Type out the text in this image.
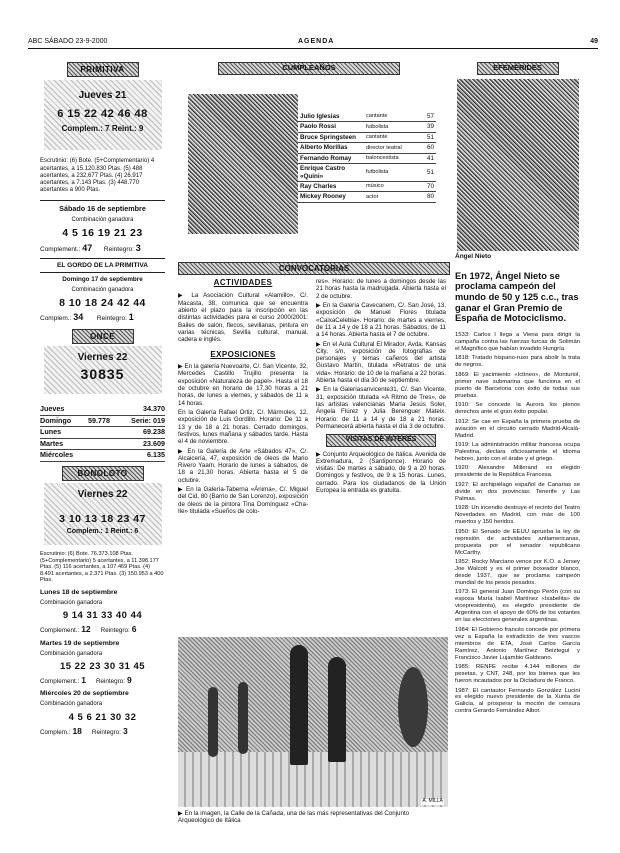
ABC SÁBADO 23-9-2000	AGENDA	49
PRIMITIVA
Jueves 21
6 15 22 42 46 48
Complem.: 7 Reint.: 9
Escrutinio: (6) Bote. (5+Complementario) 4 acertantes, a 15.120.830 Ptas. (5) 488 acertantes, a 232.677 Ptas. (4) 26.917 acertantes, a 7.143 Ptas. (3) 448.770 acertantes a 900 Ptas.
Sábado 16 de septiembre
Combinación ganadora
4 5 16 19 21 23
Complement.: 47 Reintegro: 3
EL GORDO DE LA PRIMITIVA
Domingo 17 de septiembre
Combinación ganadora
8 10 18 24 42 44
Complem.: 34 Reintegro: 1
ONCE
Viernes 22
30835
Jueves		34.370
Domingo	59.778	Serie: 019
Lunes		69.238
Martes		23.609
Miércoles		6.135
BONOLOTO
Viernes 22
3 10 13 18 23 47
Complem.: 1 Reint.: 6
Escrutinio: (6) Bote. 76.373.108 Ptas. (5+Complementario) 5 acertantes, a 11.398.177 Ptas. (5) 116 acertantes, a 107.469 Ptas. (4) 8.491 acertantes, a 2.371 Ptas. (3) 150.953 a 400 Ptas.
Lunes 18 de septiembre
Combinación ganadora
9 14 31 33 40 44
Complement.: 12 Reintegro: 6
Martes 19 de septiembre
Combinación ganadora
15 22 23 30 31 45
Complement.: 1 Reintegro: 9
Miércoles 20 de septiembre
Combinación ganadora
4 5 6 21 30 32
Complem.: 18 Reintegro: 3
CUMPLEAÑOS
Julio Iglesias	cantante	57
Paolo Rossi	futbolista	39
Bruce Springsteen	cantante	51
Alberto Morillas	director teatral	60
Fernando Romay	baloncestista	41
Enrique Castro «Quini»	futbolista	51
Ray Charles	músico	70
Mickey Rooney	actor	80
CONVOCATORIAS
ACTIVIDADES

▶ La Asociación Cultural «Alamillo», C/. Macasta, 38, comunica que se encuentra abierto el plazo para la inscripción en las distintas actividades para el curso 2000/2001: Bailes de salón, flecos, sevillanas, pintura en varias técnicas, Sevilla cultural, manual, cadera e inglés.

EXPOSICIONES

▶ En la galería Nuevoarte, C/. San Vicente, 32, Mercedes Castillo Trujillo presenta la exposición «Naturaleza de papel». Hasta el 18 de octubre en horario de 17,30 horas a 21 horas, de lunes a viernes, y sábados de 11 a 14 horas.

En la Galería Rafael Ortiz, C/. Mármoles, 12, exposición de Luis Gordillo. Horario: De 11 a 13 y de 18 a 21 horas. Cerrado domingos, festivos, lunes mañana y sábados tarde. Hasta el 4 de noviembre.

▶ En la Galería de Arte «Sábados 47», C/. Alcaicería, 47, exposición de óleos de Mario Rivero Yaam. Horario de lunes a sábados, de 18 a 21,30 horas. Abierta hasta el 5 de octubre.

▶ En la Galería-Taberna «Ánima», C/. Miguel del Cid, 80 (Barrio de San Lorenzo), exposición de óleos de la pintora Tina Domínguez «Cha-Ile» titulada «Sueños de colo-

res». Horario: de lunes a domingos desde las 21 horas hasta la madrugada. Abierta hasta el 2 de octubre.

▶ En la Galería Cavecanem, C/. San José, 13, exposición de Manuel Flores titulada «CaixaCelebia». Horario: de martes a viernes, de 11 a 14 y de 18 a 21 horas. Sábados, de 11 a 14 horas. Abierta hasta el 7 de octubre.

▶ En el Aula Cultural El Mirador, Avda. Kansas City, s/n, exposición de fotografías de personajes y temas cañeros del artista Gustavo Martín, titulada «Retratos de una vida». Horario: de 10 de la mañana a 22 horas. Abierta hasta el día 30 de septiembre.

▶ En la Galeríasanvicente31, C/. San Vicente, 31, exposición titulada «A Ritmo de Tres», de las artistas valencianas María Jesús Soler, Ángela Flúrez y Julia Berenguer Mateix. Horario: de 11 a 14 y de 18 a 21 horas. Permanecerá abierta hasta el día 3 de octubre.

VISITAS DE INTERÉS

▶ Conjunto Arqueológico de Itálica. Avenida de Extremadura, 2 (Santiponce). Horario de visitas: De martes a sábado, de 9 a 20 horas. Domingos y festivos, de 9 a 15 horas. Lunes, cerrado. Para los ciudadanos de la Unión Europea la entrada es gratuita.

A. MILLA
▶ En la imagen, la Calle de la Cañada, una de las más representativas del Conjunto Arqueológico de Itálica
EFEMÉRIDES
Ángel Nieto
En 1972, Ángel Nieto se proclama campeón del mundo de 50 y 125 c.c., tras ganar el Gran Premio de España de Motociclismo.

1533: Carlos I llega a Viena para dirigir la campaña contra las fuerzas turcas de Solimán el Magnífico que habían invadido Hungría.

1818: Tratado hispano-ruso para abolir la trata de negros.

1869: El yacimiento «Ictíneo», de Monturiol, primer nave submarina que funciona en el puerto de Barcelona con éxito de todas sus pruebas.

1910: Se concede la Aurora los plenos derechos ante el gran éxito popular.

1912: Se cae en España la primera prueba de aviación en el circuito cerrado Madrid-Alcalá-Madrid.

1919: La administración militar francesa ocupa Palestina, declara oficiosamente el idioma hebreo, junto con el árabe y el griego.

1920: Alexandre Millerand es elegido presidente de la República Francesa.

1927: El archipiélago español de Canarias se divide en dos provincias: Tenerife y Las Palmas.

1928: Un incendio destruye el recinto del Teatro Novedades en Madrid, con más de 100 muertos y 150 heridos.

1950: El Senado de EEUU aprueba la ley de represión de actividades antiamericanas, propuesta por el senador republicano McCarthy.

1952: Rocky Marciano vence por K.O. a Jersey Joe Walcott y es el primer boxeador blanco, desde 1937, que se proclama campeón mundial de los pesos pesados.

1973: El general Juan Domingo Perón (con su esposa María Isabel Martínez «Isabelita» de vicepresidenta), es elegido presidente de Argentina con el apoyo de 60% de los votantes en las elecciones generales argentinas.

1984: El Gobierno francés concede por primera vez a España la extradición de tres vascos miembros de ETA, José Carlos García Ramírez, Antonio Martínez Beiztegui y Francisco Javier Lujambio Galdeano.

1985: RENFE recibe 4.144 millones de pesetas, y CNT, 248, por los bienes que les fueron incautados por la Dictadura de Franco.

1987: El cantautor Fernando González Lucini es elegido nuevo presidente de la Xunta de Galicia, al prosperar la moción de censura contra Gerardo Fernández Albor.
